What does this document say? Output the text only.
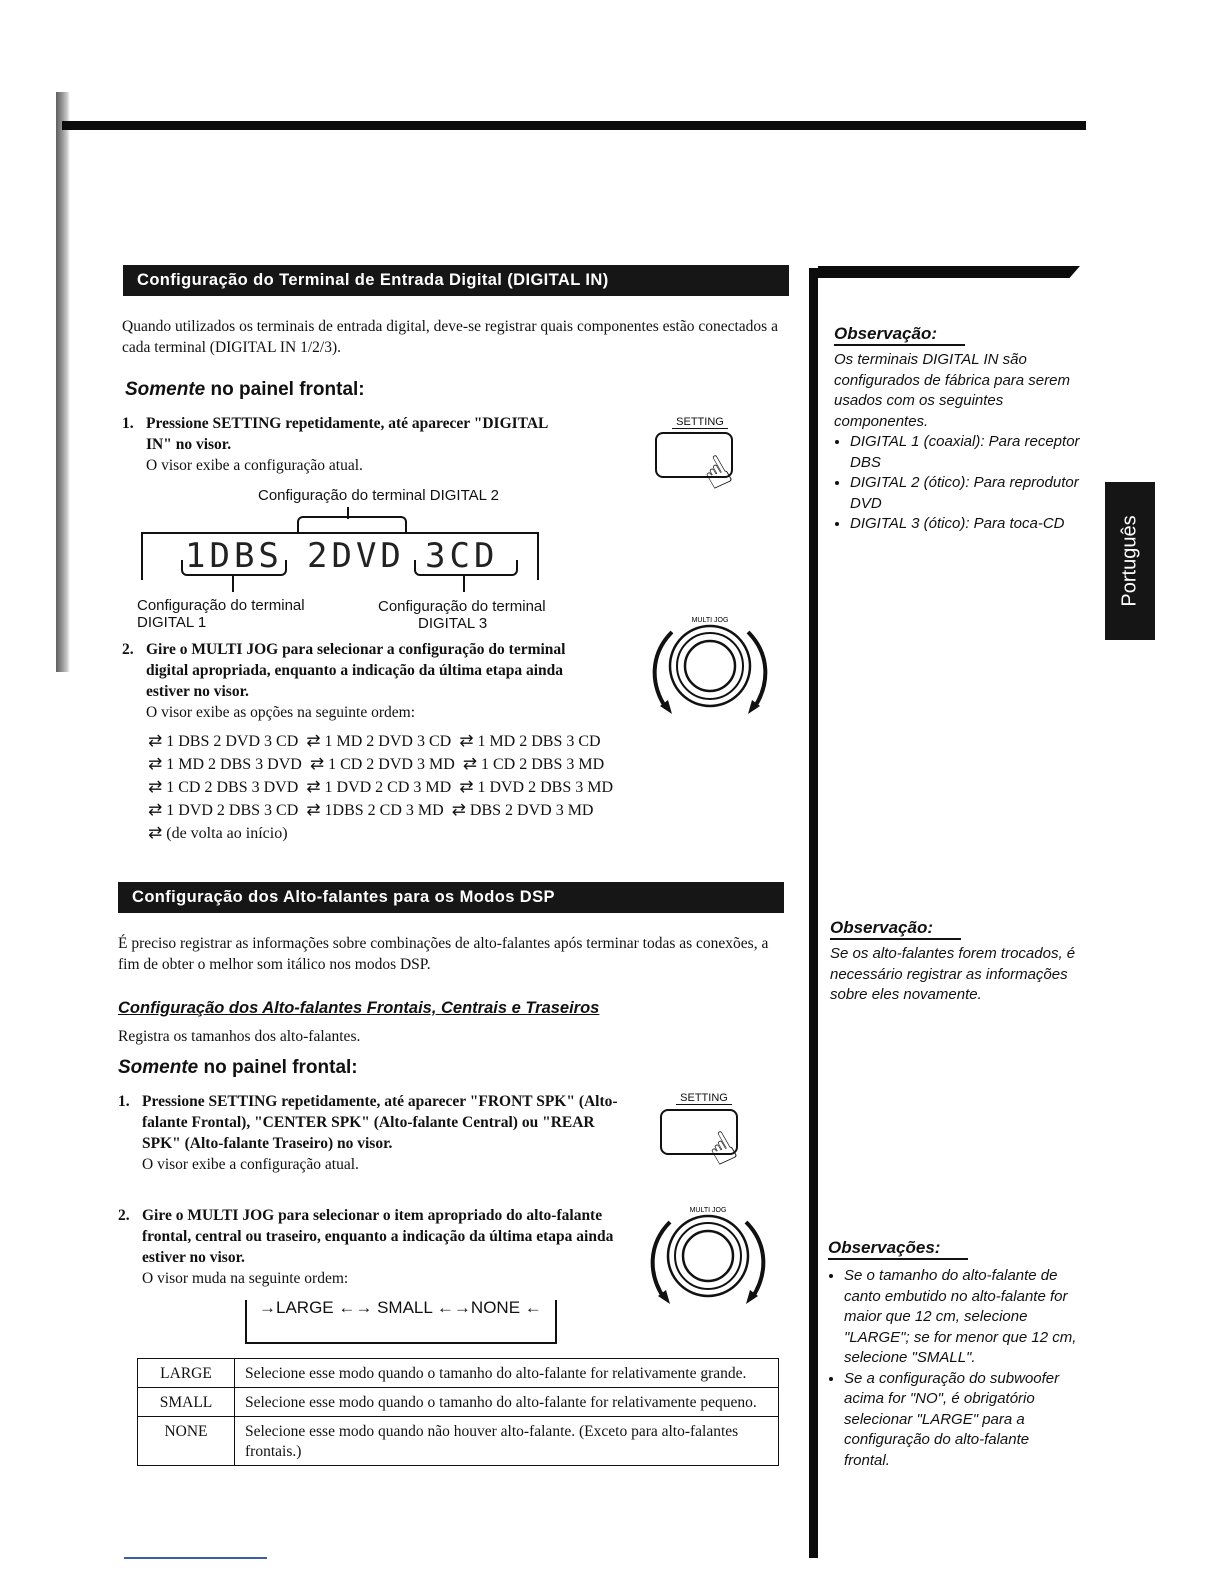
Configuração do Terminal de Entrada Digital (DIGITAL IN)
Quando utilizados os terminais de entrada digital, deve-se registrar quais componentes estão conectados a cada terminal (DIGITAL IN 1/2/3).
Somente no painel frontal:
1. Pressione SETTING repetidamente, até aparecer "DIGITAL IN" no visor.
O visor exibe a configuração atual.
SETTING
☝
Configuração do terminal DIGITAL 2
1DBS 2DVD 3CD
Configuração do terminal
DIGITAL 1
Configuração do terminal
DIGITAL 3	MULTI JOG
2. Gire o MULTI JOG para selecionar a configuração do terminal digital apropriada, enquanto a indicação da última etapa ainda estiver no visor.
O visor exibe as opções na seguinte ordem:
⇄ 1 DBS 2 DVD 3 CD ⇄ 1 MD 2 DVD 3 CD ⇄ 1 MD 2 DBS 3 CD
⇄ 1 MD 2 DBS 3 DVD ⇄ 1 CD 2 DVD 3 MD ⇄ 1 CD 2 DBS 3 MD
⇄ 1 CD 2 DBS 3 DVD ⇄ 1 DVD 2 CD 3 MD ⇄ 1 DVD 2 DBS 3 MD
⇄ 1 DVD 2 DBS 3 CD ⇄ 1DBS 2 CD 3 MD ⇄ DBS 2 DVD 3 MD
⇄ (de volta ao início)
Configuração dos Alto-falantes para os Modos DSP
É preciso registrar as informações sobre combinações de alto-falantes após terminar todas as conexões, a fim de obter o melhor som itálico nos modos DSP.
Configuração dos Alto-falantes Frontais, Centrais e Traseiros
Registra os tamanhos dos alto-falantes.
Somente no painel frontal:
1. Pressione SETTING repetidamente, até aparecer "FRONT SPK" (Alto-falante Frontal), "CENTER SPK" (Alto-falante Central) ou "REAR SPK" (Alto-falante Traseiro) no visor.
O visor exibe a configuração atual.
SETTING
☝
2. Gire o MULTI JOG para selecionar o item apropriado do alto-falante frontal, central ou traseiro, enquanto a indicação da última etapa ainda estiver no visor.
O visor muda na seguinte ordem:
MULTI JOG
→LARGE ←→ SMALL ←→NONE ←
LARGE	Selecione esse modo quando o tamanho do alto-falante for relativamente grande.
SMALL	Selecione esse modo quando o tamanho do alto-falante for relativamente pequeno.
NONE	Selecione esse modo quando não houver alto-falante. (Exceto para alto-falantes frontais.)
Português
Observação:
Os terminais DIGITAL IN são configurados de fábrica para serem usados com os seguintes componentes.
• DIGITAL 1 (coaxial): Para receptor DBS
• DIGITAL 2 (ótico): Para reprodutor DVD
• DIGITAL 3 (ótico): Para toca-CD
Observação:
Se os alto-falantes forem trocados, é necessário registrar as informações sobre eles novamente.
Observações:
• Se o tamanho do alto-falante de canto embutido no alto-falante for maior que 12 cm, selecione "LARGE"; se for menor que 12 cm, selecione "SMALL".
• Se a configuração do subwoofer acima for "NO", é obrigatório selecionar "LARGE" para a configuração do alto-falante frontal.
